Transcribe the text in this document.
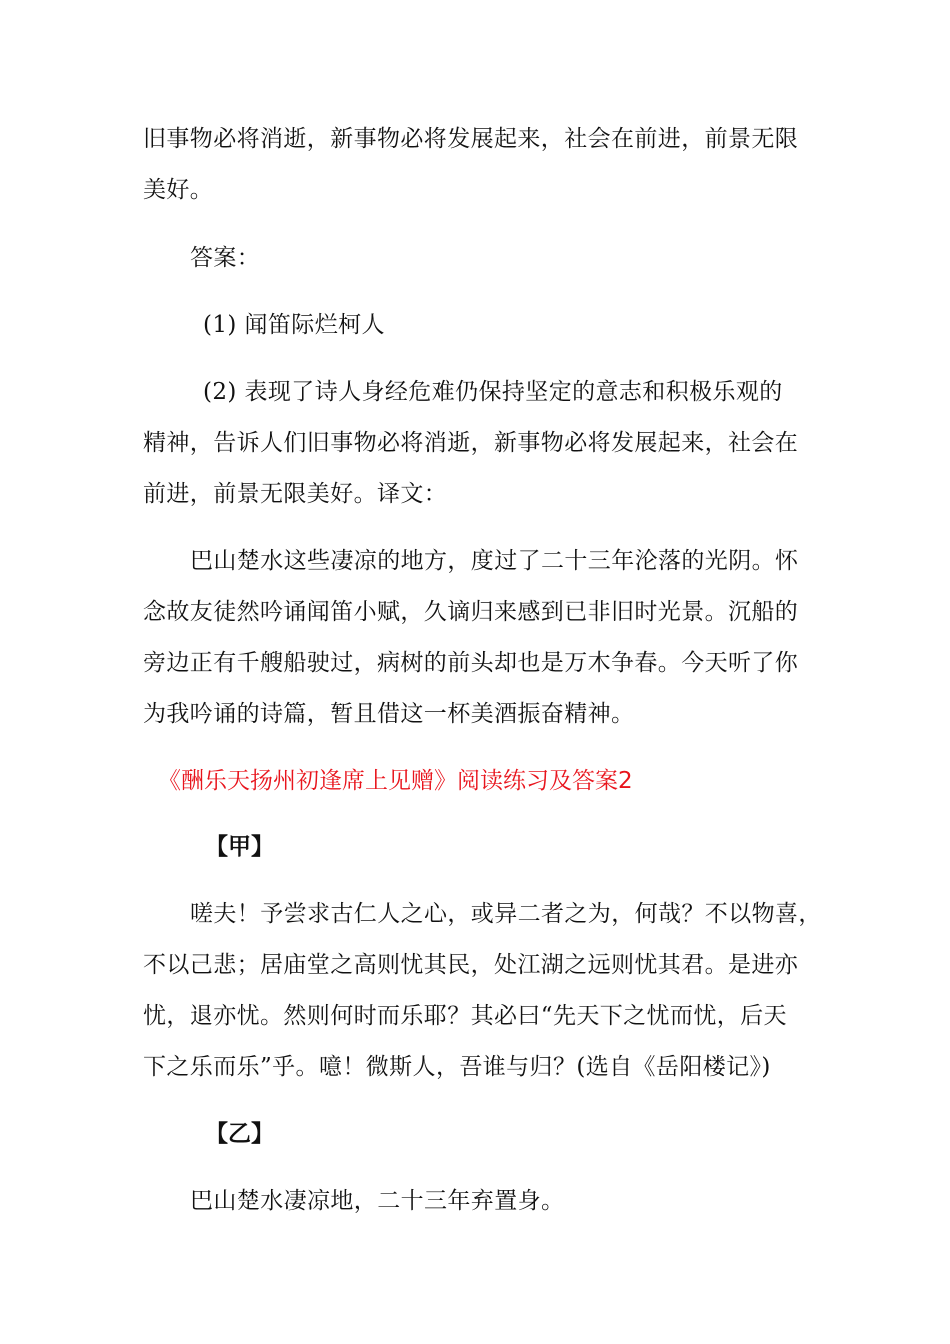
旧事物必将消逝，新事物必将发展起来，社会在前进，前景无限
美好。
答案：
(1) 闻笛际烂柯人
(2) 表现了诗人身经危难仍保持坚定的意志和积极乐观的
精神，告诉人们旧事物必将消逝，新事物必将发展起来，社会在
前进，前景无限美好。译文：
巴山楚水这些凄凉的地方，度过了二十三年沦落的光阴。怀
念故友徒然吟诵闻笛小赋，久谪归来感到已非旧时光景。沉船的
旁边正有千艘船驶过，病树的前头却也是万木争春。今天听了你
为我吟诵的诗篇，暂且借这一杯美酒振奋精神。
《酬乐天扬州初逢席上见赠》阅读练习及答案2
【甲】
嗟夫！予尝求古仁人之心，或异二者之为，何哉？不以物喜，
不以己悲；居庙堂之高则忧其民，处江湖之远则忧其君。是进亦
忧，退亦忧。然则何时而乐耶？其必曰“先天下之忧而忧，后天
下之乐而乐”乎。噫！微斯人，吾谁与归？(选自《岳阳楼记》)
【乙】
巴山楚水凄凉地，二十三年弃置身。
